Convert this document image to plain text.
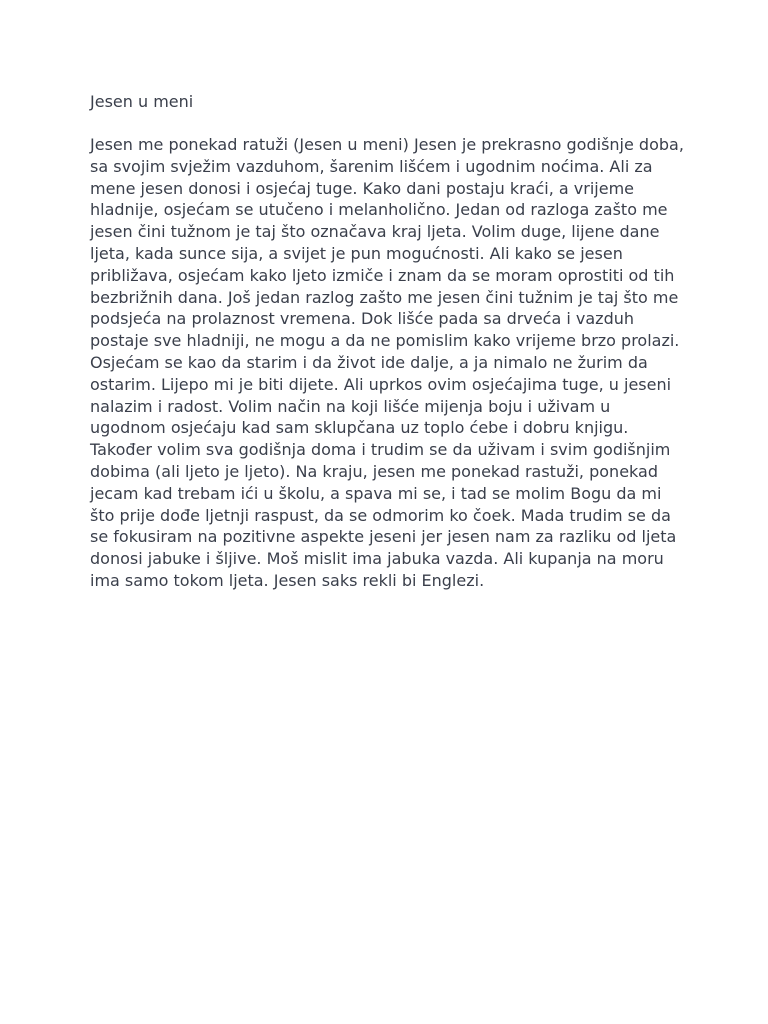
Jesen u meni

Jesen me ponekad ratuži (Jesen u meni) Jesen je prekrasno godišnje doba,
sa svojim svježim vazduhom, šarenim lišćem i ugodnim noćima. Ali za
mene jesen donosi i osjećaj tuge. Kako dani postaju kraći, a vrijeme
hladnije, osjećam se utučeno i melanholično. Jedan od razloga zašto me
jesen čini tužnom je taj što označava kraj ljeta. Volim duge, lijene dane
ljeta, kada sunce sija, a svijet je pun mogućnosti. Ali kako se jesen
približava, osjećam kako ljeto izmiče i znam da se moram oprostiti od tih
bezbrižnih dana. Još jedan razlog zašto me jesen čini tužnim je taj što me
podsjeća na prolaznost vremena. Dok lišće pada sa drveća i vazduh
postaje sve hladniji, ne mogu a da ne pomislim kako vrijeme brzo prolazi.
Osjećam se kao da starim i da život ide dalje, a ja nimalo ne žurim da
ostarim. Lijepo mi je biti dijete. Ali uprkos ovim osjećajima tuge, u jeseni
nalazim i radost. Volim način na koji lišće mijenja boju i uživam u
ugodnom osjećaju kad sam sklupčana uz toplo ćebe i dobru knjigu.
Također volim sva godišnja doma i trudim se da uživam i svim godišnjim
dobima (ali ljeto je ljeto). Na kraju, jesen me ponekad rastuži, ponekad
jecam kad trebam ići u školu, a spava mi se, i tad se molim Bogu da mi
što prije dođe ljetnji raspust, da se odmorim ko čoek. Mada trudim se da
se fokusiram na pozitivne aspekte jeseni jer jesen nam za razliku od ljeta
donosi jabuke i šljive. Moš mislit ima jabuka vazda. Ali kupanja na moru
ima samo tokom ljeta. Jesen saks rekli bi Englezi.
